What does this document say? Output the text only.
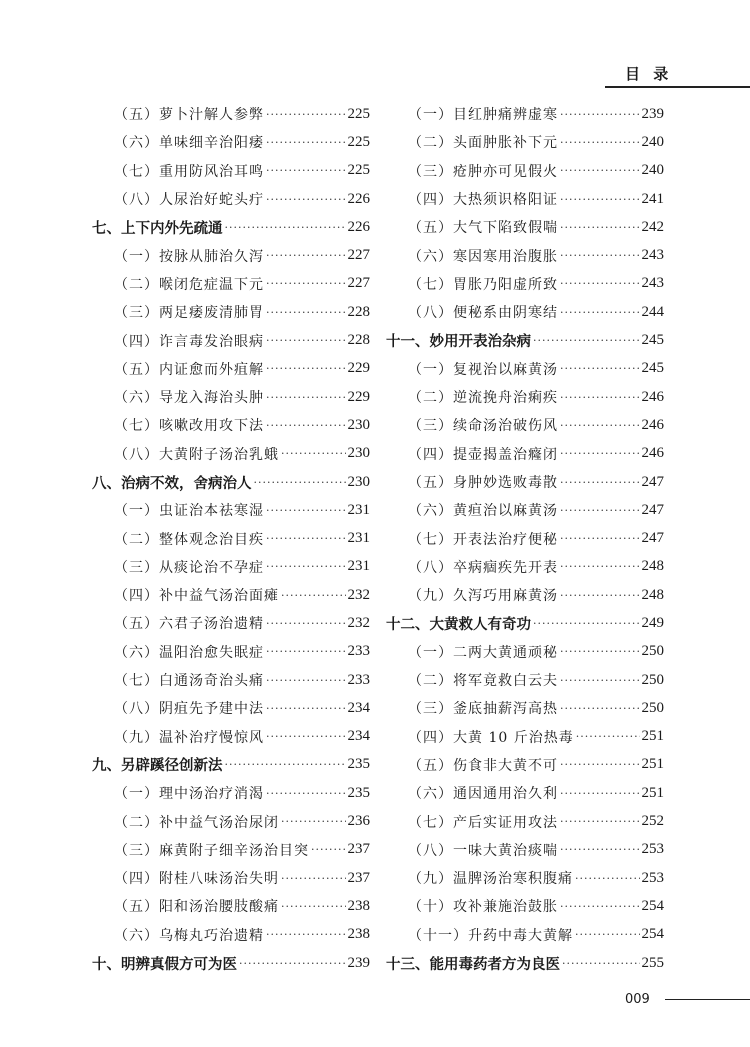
目 录
（五）萝卜汁解人参弊 ·····	225
（六）单味细辛治阳痿 ·····	225
（七）重用防风治耳鸣 ·····	225
（八）人尿治好蛇头疔 ·····	226
七、上下内外先疏通 ·····	226
（一）按脉从肺治久泻 ·····	227
（二）喉闭危症温下元 ·····	227
（三）两足痿废清肺胃 ·····	228
（四）诈言毒发治眼病 ·····	228
（五）内证愈而外疽解 ·····	229
（六）导龙入海治头肿 ·····	229
（七）咳嗽改用攻下法 ·····	230
（八）大黄附子汤治乳蛾 ·····	230
八、治病不效，舍病治人 ·····	230
（一）虫证治本祛寒湿 ·····	231
（二）整体观念治目疾 ·····	231
（三）从痰论治不孕症 ·····	231
（四）补中益气汤治面瘫 ·····	232
（五）六君子汤治遗精 ·····	232
（六）温阳治愈失眠症 ·····	233
（七）白通汤奇治头痛 ·····	233
（八）阴疽先予建中法 ·····	234
（九）温补治疗慢惊风 ·····	234
九、另辟蹊径创新法 ·····	235
（一）理中汤治疗消渴 ·····	235
（二）补中益气汤治尿闭 ·····	236
（三）麻黄附子细辛汤治目突 ·····	237
（四）附桂八味汤治失明 ·····	237
（五）阳和汤治腰肢酸痛 ·····	238
（六）乌梅丸巧治遗精 ·····	238
十、明辨真假方可为医 ·····	239
（一）目红肿痛辨虚寒 ·····	239
（二）头面肿胀补下元 ·····	240
（三）疮肿亦可见假火 ·····	240
（四）大热须识格阳证 ·····	241
（五）大气下陷致假喘 ·····	242
（六）寒因寒用治腹胀 ·····	243
（七）胃胀乃阳虚所致 ·····	243
（八）便秘系由阴寒结 ·····	244
十一、妙用开表治杂病 ·····	245
（一）复视治以麻黄汤 ·····	245
（二）逆流挽舟治痢疾 ·····	246
（三）续命汤治破伤风 ·····	246
（四）提壶揭盖治癃闭 ·····	246
（五）身肿妙选败毒散 ·····	247
（六）黄疸治以麻黄汤 ·····	247
（七）开表法治疗便秘 ·····	247
（八）卒病痼疾先开表 ·····	248
（九）久泻巧用麻黄汤 ·····	248
十二、大黄救人有奇功 ·····	249
（一）二两大黄通顽秘 ·····	250
（二）将军竟救白云夫 ·····	250
（三）釜底抽薪泻高热 ·····	250
（四）大黄 10 斤治热毒 ·····	251
（五）伤食非大黄不可 ·····	251
（六）通因通用治久利 ·····	251
（七）产后实证用攻法 ·····	252
（八）一味大黄治痰喘 ·····	253
（九）温脾汤治寒积腹痛 ·····	253
（十）攻补兼施治鼓胀 ·····	254
（十一）升药中毒大黄解 ·····	254
十三、能用毒药者方为良医 ·····	255
009
